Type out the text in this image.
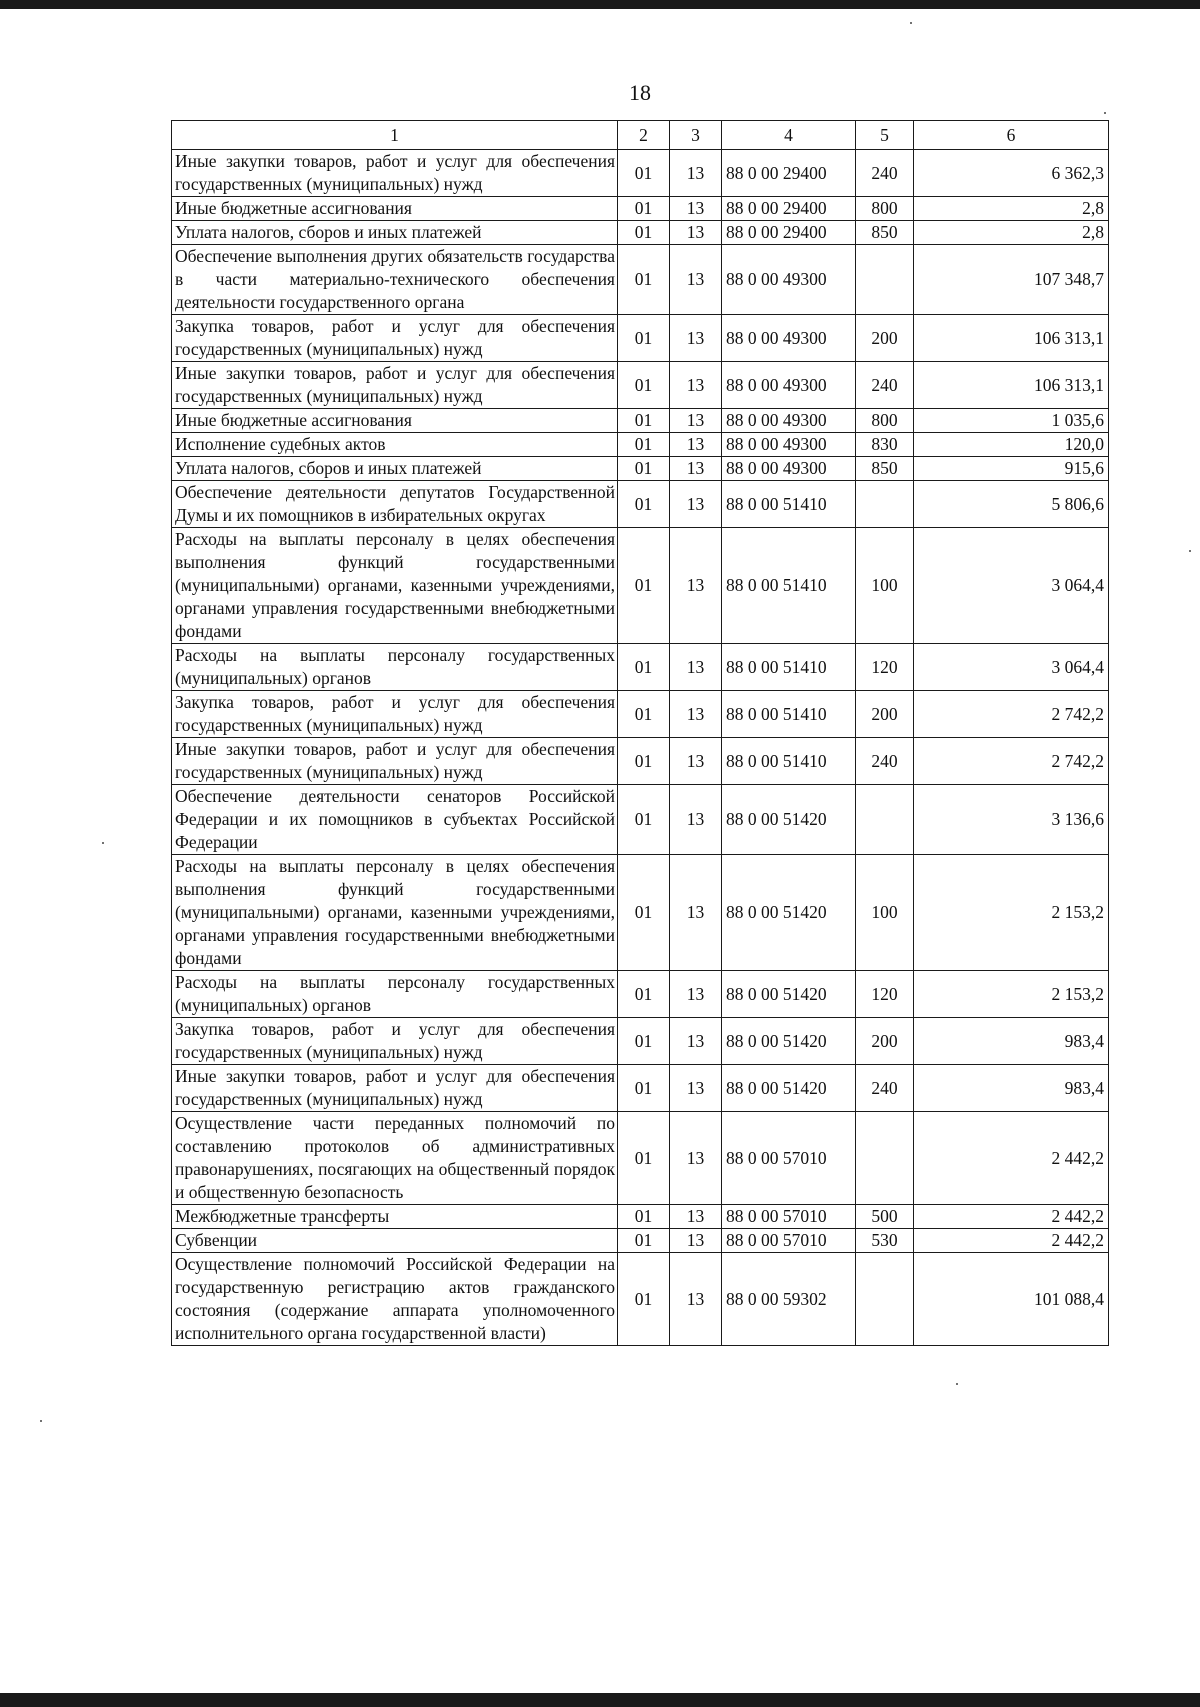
18
1	2	3	4	5	6
Иные закупки товаров, работ и услуг для обеспечения государственных (муниципальных) нужд	01	13	88 0 00 29400	240	6 362,3
Иные бюджетные ассигнования	01	13	88 0 00 29400	800	2,8
Уплата налогов, сборов и иных платежей	01	13	88 0 00 29400	850	2,8
Обеспечение выполнения других обязательств государства в части материально-технического обеспечения деятельности государственного органа	01	13	88 0 00 49300		107 348,7
Закупка товаров, работ и услуг для обеспечения государственных (муниципальных) нужд	01	13	88 0 00 49300	200	106 313,1
Иные закупки товаров, работ и услуг для обеспечения государственных (муниципальных) нужд	01	13	88 0 00 49300	240	106 313,1
Иные бюджетные ассигнования	01	13	88 0 00 49300	800	1 035,6
Исполнение судебных актов	01	13	88 0 00 49300	830	120,0
Уплата налогов, сборов и иных платежей	01	13	88 0 00 49300	850	915,6
Обеспечение деятельности депутатов Государственной Думы и их помощников в избирательных округах	01	13	88 0 00 51410		5 806,6
Расходы на выплаты персоналу в целях обеспечения выполнения функций государственными (муниципальными) органами, казенными учреждениями, органами управления государственными внебюджетными фондами	01	13	88 0 00 51410	100	3 064,4
Расходы на выплаты персоналу государственных (муниципальных) органов	01	13	88 0 00 51410	120	3 064,4
Закупка товаров, работ и услуг для обеспечения государственных (муниципальных) нужд	01	13	88 0 00 51410	200	2 742,2
Иные закупки товаров, работ и услуг для обеспечения государственных (муниципальных) нужд	01	13	88 0 00 51410	240	2 742,2
Обеспечение деятельности сенаторов Российской Федерации и их помощников в субъектах Российской Федерации	01	13	88 0 00 51420		3 136,6
Расходы на выплаты персоналу в целях обеспечения выполнения функций государственными (муниципальными) органами, казенными учреждениями, органами управления государственными внебюджетными фондами	01	13	88 0 00 51420	100	2 153,2
Расходы на выплаты персоналу государственных (муниципальных) органов	01	13	88 0 00 51420	120	2 153,2
Закупка товаров, работ и услуг для обеспечения государственных (муниципальных) нужд	01	13	88 0 00 51420	200	983,4
Иные закупки товаров, работ и услуг для обеспечения государственных (муниципальных) нужд	01	13	88 0 00 51420	240	983,4
Осуществление части переданных полномочий по составлению протоколов об административных правонарушениях, посягающих на общественный порядок и общественную безопасность	01	13	88 0 00 57010		2 442,2
Межбюджетные трансферты	01	13	88 0 00 57010	500	2 442,2
Субвенции	01	13	88 0 00 57010	530	2 442,2
Осуществление полномочий Российской Федерации на государственную регистрацию актов гражданского состояния (содержание аппарата уполномоченного исполнительного органа государственной власти)	01	13	88 0 00 59302		101 088,4
